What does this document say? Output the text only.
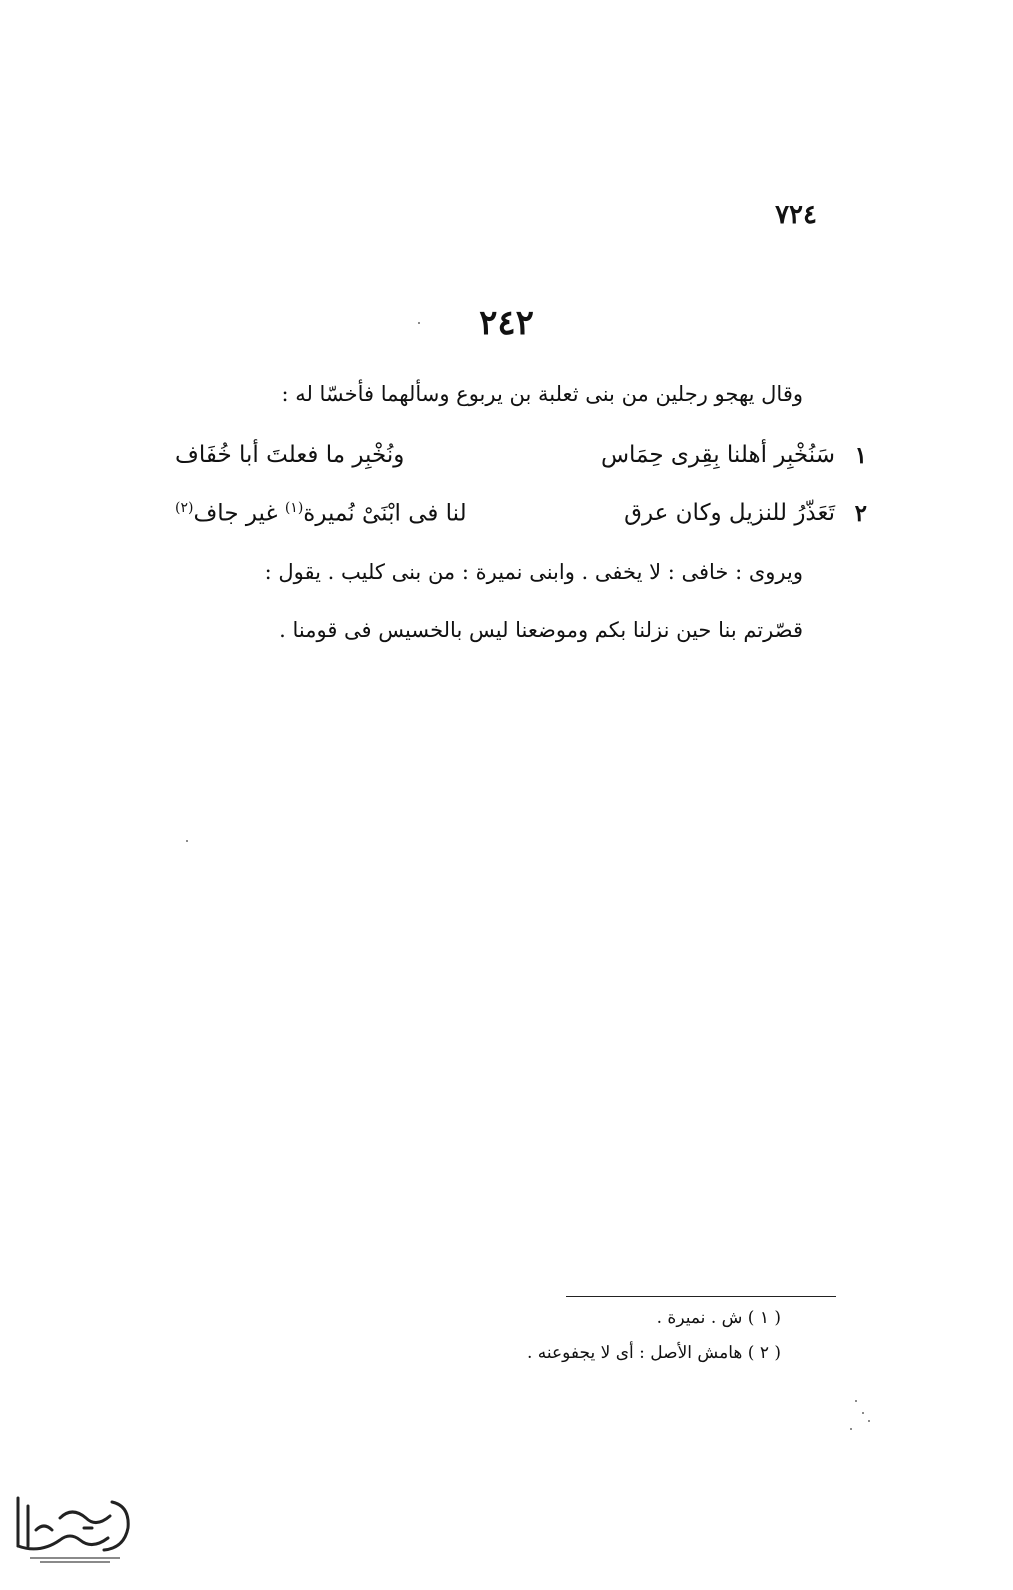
٧٢٤
٢٤٢
وقال يهجو رجلين من بنى ثعلبة بن يربوع وسألهما فأخسّا له :
١
سَنُخْبِر أهلنا بِقِرى حِمَاس
ونُخْبِر ما فعلتَ أبا خُفَاف
٢
تَعَذّرُ للنزيل وكان عرق
لنا فى ابْنَىْ نُميرة$^{(١)}$ غير جاف$^{(٢)}$
ويروى : خافى : لا يخفى . وابنى نميرة : من بنى كليب . يقول :
قصّرتم بنا حين نزلنا بكم وموضعنا ليس بالخسيس فى قومنا .
( ١ ) ش . نميرة .
( ٢ ) هامش الأصل : أى لا يجفوعنه .
